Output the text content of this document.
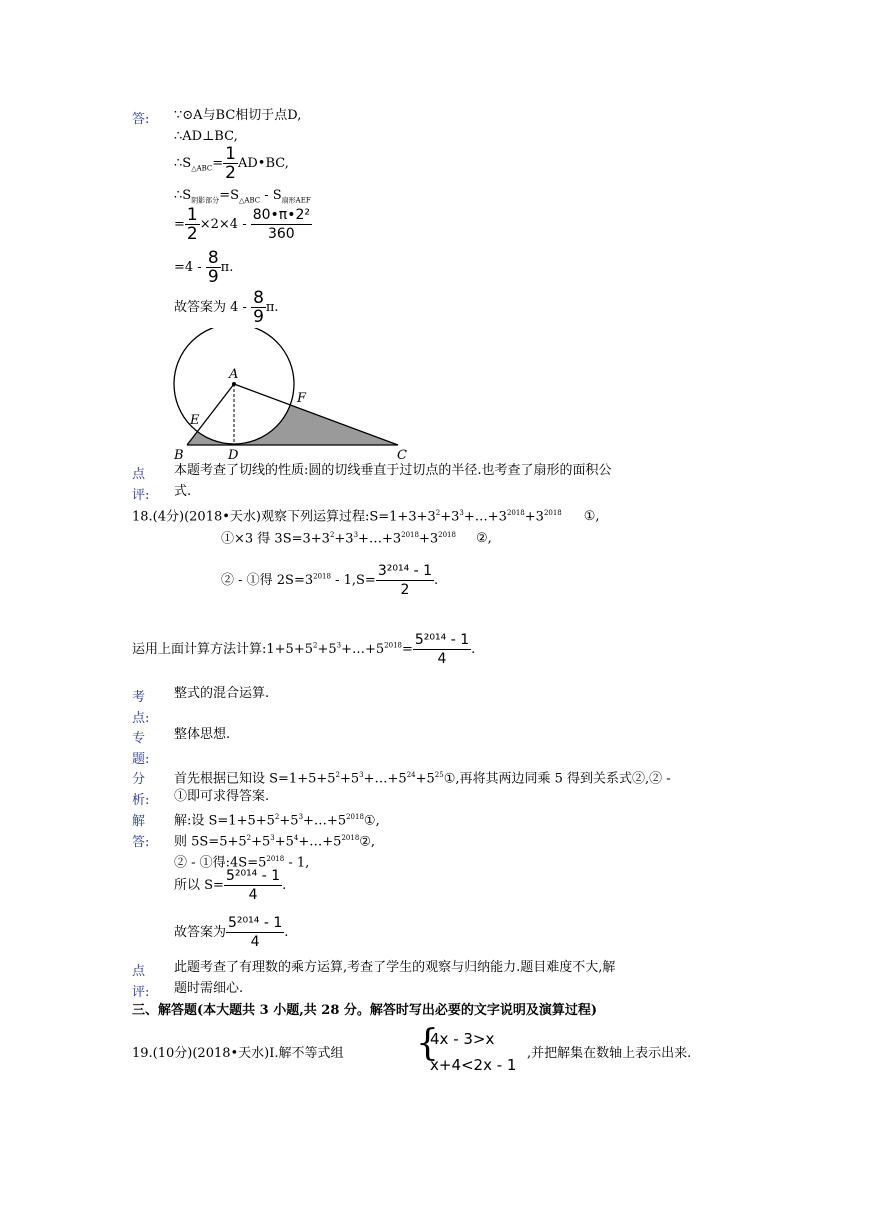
答: ∵⊙A与BC相切于点D,
∴AD⊥BC,
$\therefore S_{\triangle ABC}= \frac{1}{2}$ AD•BC,
$\therefore S_{阴影部分}=S_{\triangle ABC} - S_{扇形AEF}$
= $\frac{1}{2} \times 2\times 4 - \frac{\text{80•π•2²}}{360}$
$=4 - \frac{8}{9} \pi$.
故答案为 $4 - \frac{8}{9} \pi$.
A
E
F
B	D	C
点
评:
本题考查了切线的性质:圆的切线垂直于过切点的半径.也考查了扇形的面积公
式.
18.(4分)(2018•天水)观察下列运算过程$:S=1+3+3^2+3^3+\dots+3^{2018}+3^{2018}$ ①,
①×3 得 $3S=3+3^2+3^3+\dots+3^{2018}+3^{2018}$ ②,
② - ①得 $2S=3^{2018} - 1,S= \frac{\text{3²⁰¹⁴ - 1}}{2}$ .
运用上面计算方法计算$:1+5+5^2+5^3+\dots+5^{2018}= \frac{\text{5²⁰¹⁴ - 1}}{4}$ .
考
点:
整式的混合运算.
专
题:
整体思想.
分
析:
首先根据已知设 $S=1+5+5^2+5^3+\dots+5^{24}+5^{25}①$,再将其两边同乘 5 得到关系式②,② -
①即可求得答案.
解
答:
解:设 $S=1+5+5^2+5^3+\dots+5^{2018}①$,
则 $5S=5+5^2+5^3+5^4+\dots+5^{2018}②$,
② - ①得$:4S=5^{2018} - 1$,
所以 $S= \frac{\text{5²⁰¹⁴ - 1}}{4}$ .
故答案为 $\frac{\text{5²⁰¹⁴ - 1}}{4}$ .
点
评:
此题考查了有理数的乘方运算,考查了学生的观察与归纳能力.题目难度不大,解
题时需细心.
三、解答题(本大题共 3 小题,共 28 分。解答时写出必要的文字说明及演算过程)
19.(10分)(2018•天水)Ⅰ.解不等式组 {
4x - 3>x
x+4<2x - 1
,并把解集在数轴上表示出来.
